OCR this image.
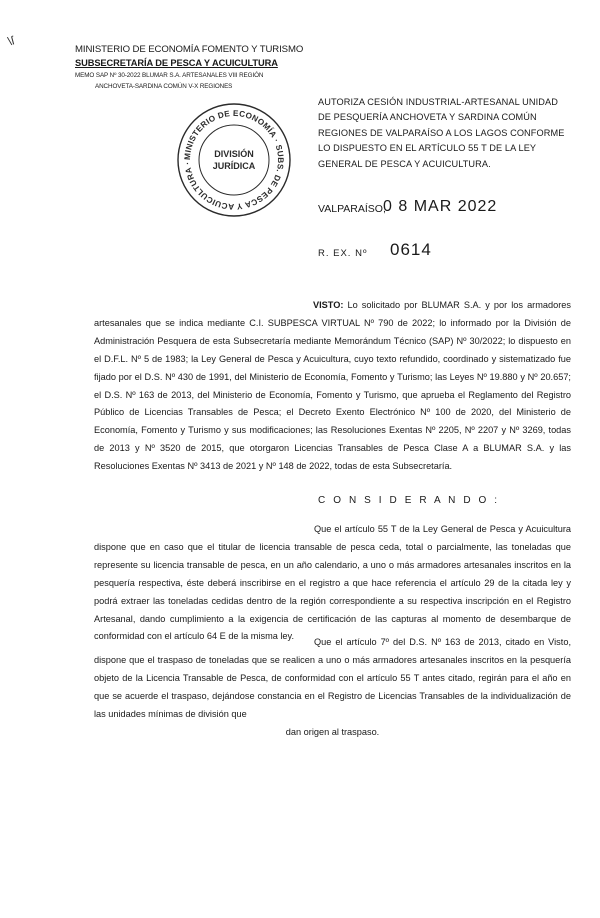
\ſ
MINISTERIO DE ECONOMÍA FOMENTO Y TURISMO
SUBSECRETARÍA DE PESCA Y ACUICULTURA
MEMO SAP Nº 30-2022 BLUMAR S.A. ARTESANALES VIII REGIÓN
ANCHOVETA-SARDINA COMÚN V-X REGIONES
MINISTERIO DE ECONOMÍA · SUBS. DE PESCA Y ACUICULTURA ·
DIVISIÓN
JURÍDICA
AUTORIZA CESIÓN INDUSTRIAL-ARTESANAL UNIDAD DE PESQUERÍA ANCHOVETA Y SARDINA COMÚN REGIONES DE VALPARAÍSO A LOS LAGOS CONFORME LO DISPUESTO EN EL ARTÍCULO 55 T DE LA LEY GENERAL DE PESCA Y ACUICULTURA.
VALPARAÍSO,
0 8 MAR 2022
R. EX. Nº 0614
VISTO: Lo solicitado por BLUMAR S.A. y por los armadores artesanales que se indica mediante C.I. SUBPESCA VIRTUAL Nº 790 de 2022; lo informado por la División de Administración Pesquera de esta Subsecretaría mediante Memorándum Técnico (SAP) Nº 30/2022; lo dispuesto en el D.F.L. Nº 5 de 1983; la Ley General de Pesca y Acuicultura, cuyo texto refundido, coordinado y sistematizado fue fijado por el D.S. Nº 430 de 1991, del Ministerio de Economía, Fomento y Turismo; las Leyes Nº 19.880 y Nº 20.657; el D.S. Nº 163 de 2013, del Ministerio de Economía, Fomento y Turismo, que aprueba el Reglamento del Registro Público de Licencias Transables de Pesca; el Decreto Exento Electrónico Nº 100 de 2020, del Ministerio de Economía, Fomento y Turismo y sus modificaciones; las Resoluciones Exentas Nº 2205, Nº 2207 y Nº 3269, todas de 2013 y Nº 3520 de 2015, que otorgaron Licencias Transables de Pesca Clase A a BLUMAR S.A. y las Resoluciones Exentas Nº 3413 de 2021 y Nº 148 de 2022, todas de esta Subsecretaría.
C O N S I D E R A N D O :
Que el artículo 55 T de la Ley General de Pesca y Acuicultura dispone que en caso que el titular de licencia transable de pesca ceda, total o parcialmente, las toneladas que represente su licencia transable de pesca, en un año calendario, a uno o más armadores artesanales inscritos en la pesquería respectiva, éste deberá inscribirse en el registro a que hace referencia el artículo 29 de la citada ley y podrá extraer las toneladas cedidas dentro de la región correspondiente a su respectiva inscripción en el Registro Artesanal, dando cumplimiento a la exigencia de certificación de las capturas al momento de desembarque de conformidad con el artículo 64 E de la misma ley.
Que el artículo 7º del D.S. Nº 163 de 2013, citado en Visto, dispone que el traspaso de toneladas que se realicen a uno o más armadores artesanales inscritos en la pesquería objeto de la Licencia Transable de Pesca, de conformidad con el artículo 55 T antes citado, regirán para el año en que se acuerde el traspaso, dejándose constancia en el Registro de Licencias Transables de la individualización de las unidades mínimas de división que
dan origen al traspaso.
